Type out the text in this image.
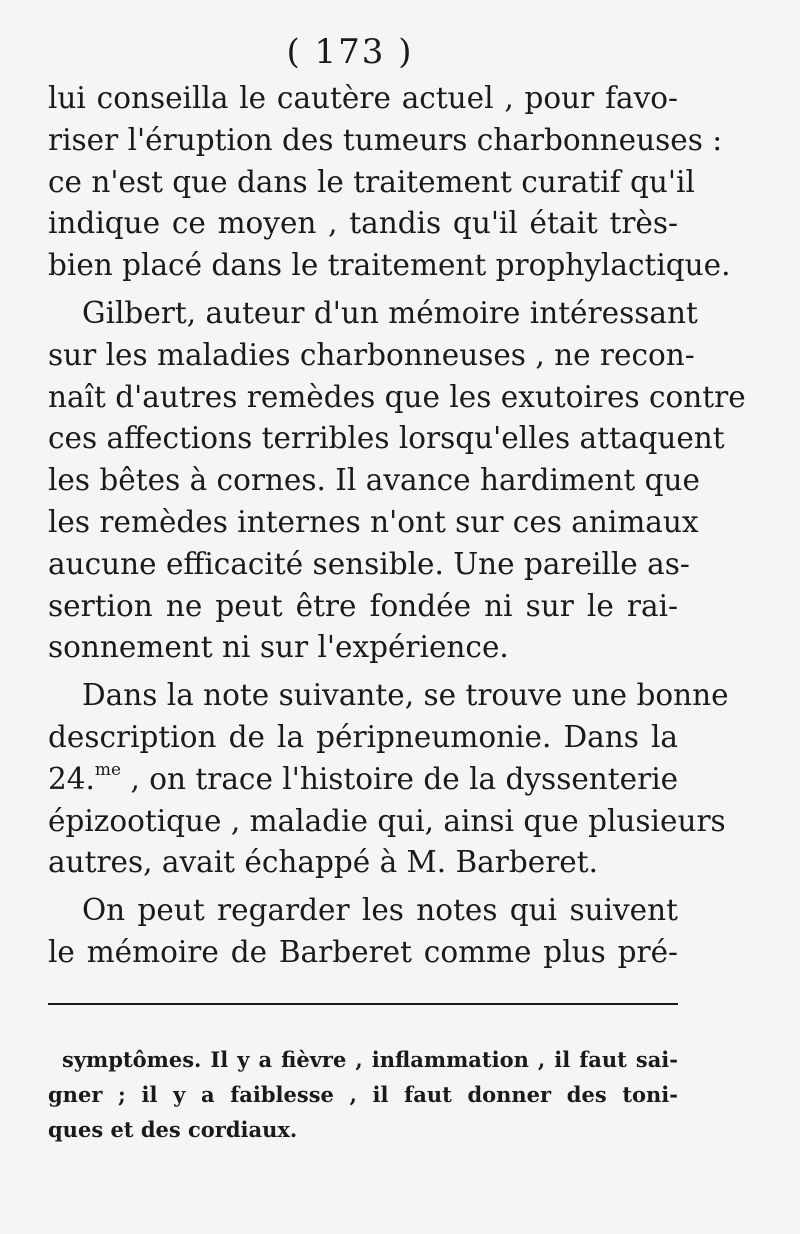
( 173 )

lui conseilla le cautère actuel , pour favo-
riser l'éruption des tumeurs charbonneuses :
ce n'est que dans le traitement curatif qu'il
indique ce moyen , tandis qu'il était très-
bien placé dans le traitement prophylactique.

Gilbert, auteur d'un mémoire intéressant
sur les maladies charbonneuses , ne recon-
naît d'autres remèdes que les exutoires contre
ces affections terribles lorsqu'elles attaquent
les bêtes à cornes. Il avance hardiment que
les remèdes internes n'ont sur ces animaux
aucune efficacité sensible. Une pareille as-
sertion ne peut être fondée ni sur le rai-
sonnement ni sur l'expérience.

Dans la note suivante, se trouve une bonne
description de la péripneumonie. Dans la
24.$^{me}$ , on trace l'histoire de la dyssenterie
épizootique , maladie qui, ainsi que plusieurs
autres, avait échappé à M. Barberet.

On peut regarder les notes qui suivent
le mémoire de Barberet comme plus pré-

symptômes. Il y a fièvre , inflammation , il faut sai-
gner ; il y a faiblesse , il faut donner des toni-
ques et des cordiaux.
